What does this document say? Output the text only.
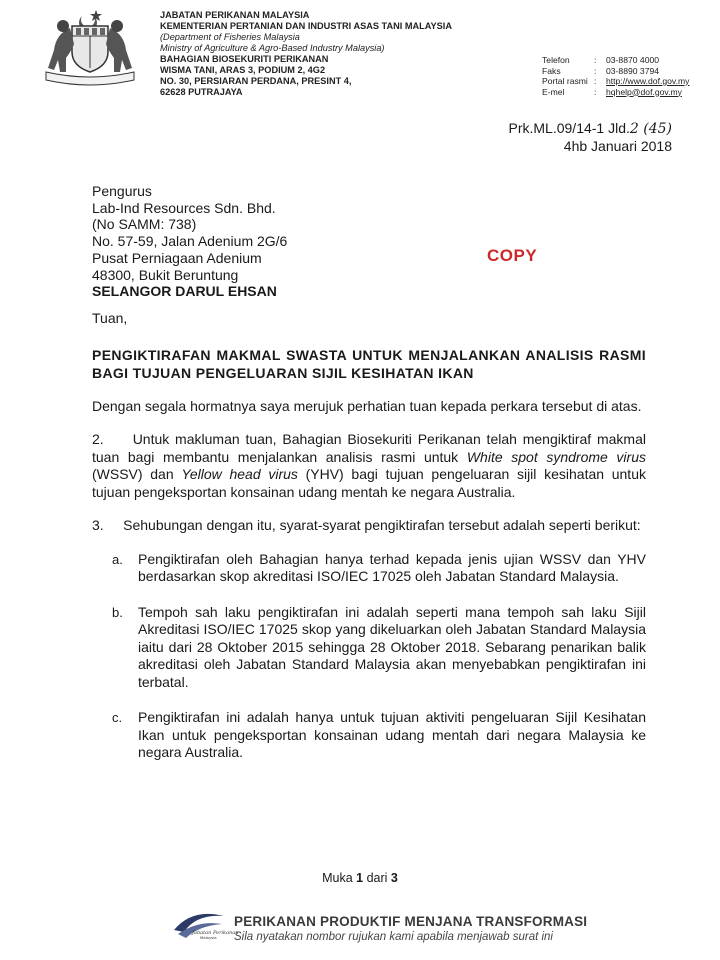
JABATAN PERIKANAN MALAYSIA
KEMENTERIAN PERTANIAN DAN INDUSTRI ASAS TANI MALAYSIA
(Department of Fisheries Malaysia
Ministry of Agriculture & Agro-Based Industry Malaysia)
BAHAGIAN BIOSEKURITI PERIKANAN
WISMA TANI, ARAS 3, PODIUM 2, 4G2
NO. 30, PERSIARAN PERDANA, PRESINT 4,
62628 PUTRAJAYA
Telefon	:	03-8870 4000
Faks	:	03-8890 3794
Portal rasmi :	http://www.dof.gov.my
E-mel	:	hqhelp@dof.gov.my
Prk.ML.09/14-1 Jld.2 (45)
4hb Januari 2018
Pengurus
Lab-Ind Resources Sdn. Bhd.
(No SAMM: 738)
No. 57-59, Jalan Adenium 2G/6
Pusat Perniagaan Adenium
48300, Bukit Beruntung
SELANGOR DARUL EHSAN
COPY

Tuan,

PENGIKTIRAFAN MAKMAL SWASTA UNTUK MENJALANKAN ANALISIS RASMI BAGI TUJUAN PENGELUARAN SIJIL KESIHATAN IKAN

Dengan segala hormatnya saya merujuk perhatian tuan kepada perkara tersebut di atas.

2. Untuk makluman tuan, Bahagian Biosekuriti Perikanan telah mengiktiraf makmal tuan bagi membantu menjalankan analisis rasmi untuk White spot syndrome virus (WSSV) dan Yellow head virus (YHV) bagi tujuan pengeluaran sijil kesihatan untuk tujuan pengeksportan konsainan udang mentah ke negara Australia.

3. Sehubungan dengan itu, syarat-syarat pengiktirafan tersebut adalah seperti berikut:

a. Pengiktirafan oleh Bahagian hanya terhad kepada jenis ujian WSSV dan YHV berdasarkan skop akreditasi ISO/IEC 17025 oleh Jabatan Standard Malaysia.
b. Tempoh sah laku pengiktirafan ini adalah seperti mana tempoh sah laku Sijil Akreditasi ISO/IEC 17025 skop yang dikeluarkan oleh Jabatan Standard Malaysia iaitu dari 28 Oktober 2015 sehingga 28 Oktober 2018. Sebarang penarikan balik akreditasi oleh Jabatan Standard Malaysia akan menyebabkan pengiktirafan ini terbatal.
c. Pengiktirafan ini adalah hanya untuk tujuan aktiviti pengeluaran Sijil Kesihatan Ikan untuk pengeksportan konsainan udang mentah dari negara Malaysia ke negara Australia.
Muka 1 dari 3
Jabatan Perikanan
Malaysia
PERIKANAN PRODUKTIF MENJANA TRANSFORMASI
Sila nyatakan nombor rujukan kami apabila menjawab surat ini
